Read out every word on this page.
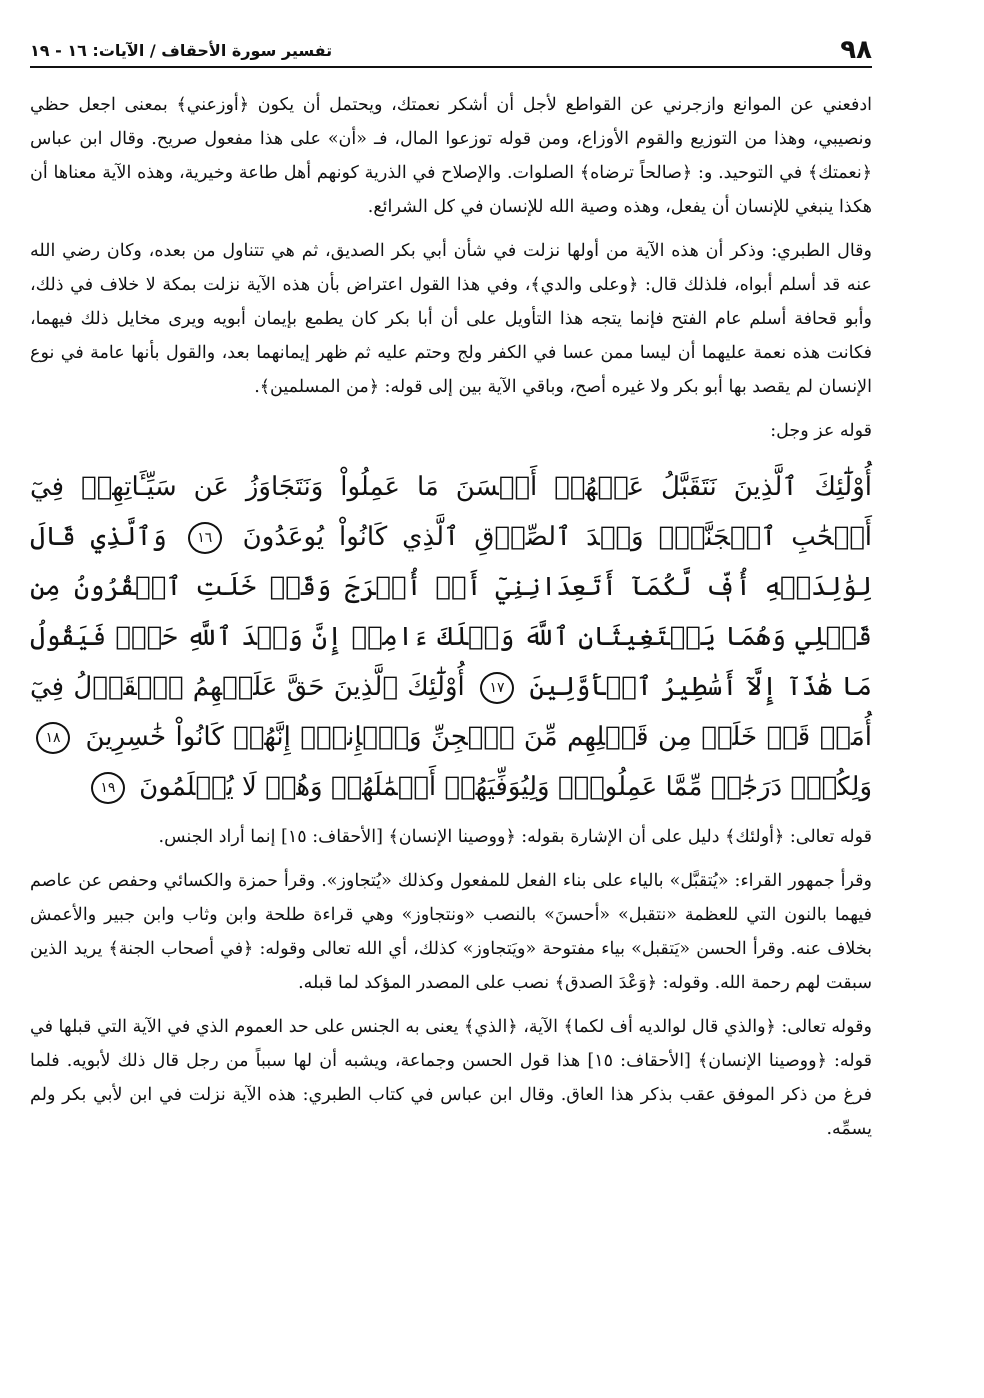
٩٨
تفسير سورة الأحقاف / الآيات: ١٦ - ١٩

ادفعني عن الموانع وازجرني عن القواطع لأجل أن أشكر نعمتك، ويحتمل أن يكون ﴿أوزعني﴾ بمعنى اجعل حظي ونصيبي، وهذا من التوزيع والقوم الأوزاع، ومن قوله توزعوا المال، فـ «أن» على هذا مفعول صريح. وقال ابن عباس ﴿نعمتك﴾ في التوحيد. و: ﴿صالحاً ترضاه﴾ الصلوات. والإصلاح في الذرية كونهم أهل طاعة وخيرية، وهذه الآية معناها أن هكذا ينبغي للإنسان أن يفعل، وهذه وصية الله للإنسان في كل الشرائع.

وقال الطبري: وذكر أن هذه الآية من أولها نزلت في شأن أبي بكر الصديق، ثم هي تتناول من بعده، وكان رضي الله عنه قد أسلم أبواه، فلذلك قال: ﴿وعلى والدي﴾، وفي هذا القول اعتراض بأن هذه الآية نزلت بمكة لا خلاف في ذلك، وأبو قحافة أسلم عام الفتح فإنما يتجه هذا التأويل على أن أبا بكر كان يطمع بإيمان أبويه ويرى مخايل ذلك فيهما، فكانت هذه نعمة عليهما أن ليسا ممن عسا في الكفر ولج وحتم عليه ثم ظهر إيمانهما بعد، والقول بأنها عامة في نوع الإنسان لم يقصد بها أبو بكر ولا غيره أصح، وباقي الآية بين إلى قوله: ﴿من المسلمين﴾.

قوله عز وجل:

أُوْلَٰٓئِكَ ٱلَّذِينَ نَتَقَبَّلُ عَنۡهُمۡ أَحۡسَنَ مَا عَمِلُواْ وَنَتَجَاوَزُ عَن سَيِّـَٔاتِهِمۡ فِيٓ أَصۡحَٰبِ ٱلۡجَنَّةِۖ وَعۡدَ ٱلصِّدۡقِ ٱلَّذِي كَانُواْ يُوعَدُونَ ١٦ وَٱلَّذِي قَالَ لِوَٰلِدَيۡهِ أُفّٖ لَّكُمَآ أَتَعِدَانِنِيٓ أَنۡ أُخۡرَجَ وَقَدۡ خَلَتِ ٱلۡقُرُونُ مِن قَبۡلِي وَهُمَا يَسۡتَغِيثَانِ ٱللَّهَ وَيۡلَكَ ءَامِنۡ إِنَّ وَعۡدَ ٱللَّهِ حَقّٞ فَيَقُولُ مَا هَٰذَآ إِلَّآ أَسَٰطِيرُ ٱلۡأَوَّلِينَ ١٧ أُوْلَٰٓئِكَ ٱلَّذِينَ حَقَّ عَلَيۡهِمُ ٱلۡقَوۡلُ فِيٓ أُمَمٖ قَدۡ خَلَتۡ مِن قَبۡلِهِم مِّنَ ٱلۡجِنِّ وَٱلۡإِنسِۖ إِنَّهُمۡ كَانُواْ خَٰسِرِينَ ١٨ وَلِكُلّٖ دَرَجَٰتٞ مِّمَّا عَمِلُواْۖ وَلِيُوَفِّيَهُمۡ أَعۡمَٰلَهُمۡ وَهُمۡ لَا يُظۡلَمُونَ ١٩

قوله تعالى: ﴿أولئك﴾ دليل على أن الإشارة بقوله: ﴿ووصينا الإنسان﴾ [الأحقاف: ١٥] إنما أراد الجنس.

وقرأ جمهور القراء: «يُتقبَّل» بالياء على بناء الفعل للمفعول وكذلك «يُتجاوز». وقرأ حمزة والكسائي وحفص عن عاصم فيهما بالنون التي للعظمة «نتقبل» «أحسنَ» بالنصب «ونتجاوز» وهي قراءة طلحة وابن وثاب وابن جبير والأعمش بخلاف عنه. وقرأ الحسن «يَتقبل» بياء مفتوحة «ويَتجاوز» كذلك، أي الله تعالى وقوله: ﴿في أصحاب الجنة﴾ يريد الذين سبقت لهم رحمة الله. وقوله: ﴿وَعْدَ الصدق﴾ نصب على المصدر المؤكد لما قبله.

وقوله تعالى: ﴿والذي قال لوالديه أف لكما﴾ الآية، ﴿الذي﴾ يعنى به الجنس على حد العموم الذي في الآية التي قبلها في قوله: ﴿ووصينا الإنسان﴾ [الأحقاف: ١٥] هذا قول الحسن وجماعة، ويشبه أن لها سبباً من رجل قال ذلك لأبويه. فلما فرغ من ذكر الموفق عقب بذكر هذا العاق. وقال ابن عباس في كتاب الطبري: هذه الآية نزلت في ابن لأبي بكر ولم يسمِّه.
